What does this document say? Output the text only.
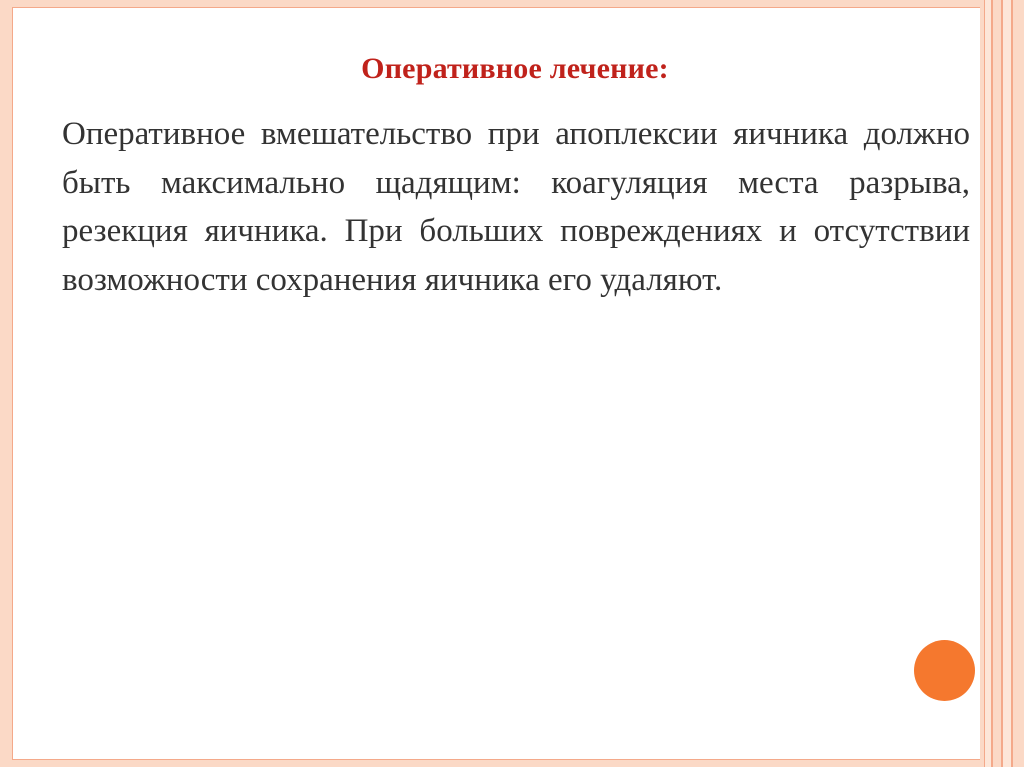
Оперативное лечение:
Оперативное вмешательство при апоплексии яичника должно быть максимально щадящим: коагуляция места разрыва, резекция яичника. При больших повреждениях и отсутствии возможности сохранения яичника его удаляют.
